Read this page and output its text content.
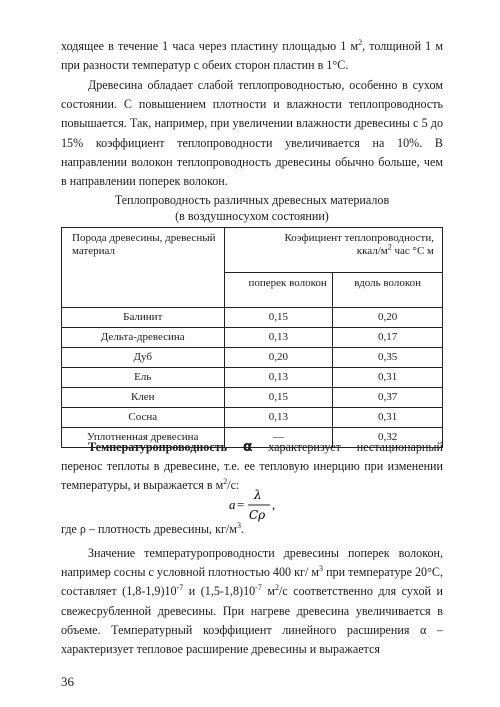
ходящее в течение 1 часа через пластину площадью 1 $м^2$, толщиной 1 м при разности температур с обеих сторон пластин в 1°С.

Древесина обладает слабой теплопроводностью, особенно в сухом состоянии. С повышением плотности и влажности теплопроводность повышается. Так, например, при увеличении влажности древесины с 5 до 15% коэффициент теплопроводности увеличивается на 10%. В направлении волокон теплопроводность древесины обычно больше, чем в направлении поперек волокон.

Теплопроводность различных древесных материалов
(в воздушносухом состоянии)
Порода древесины, древесный материал	Коэфициент теплопроводности,
ккал/$м^2$ час °С м	

	поперек волокон	вдоль волокон
Балинит	0,15	0,20
Дельта-древесина	0,13	0,17
Дуб	0,20	0,35
Ель	0,13	0,31
Клен	0,15	0,37
Сосна	0,13	0,31
Уплотненная древесина	—	0,32

Температуропроводность α характеризует нестационарный перенос теплоты в древесине, т.е. ее тепловую инерцию при изменении температуры, и выражается в $м^2/с$:

a =
λ
Cρ
,

где ρ – плотность древесины, $кг/м^3$.

Значение температуропроводности древесины поперек волокон, например сосны с условной плотностью 400 кг/ $м^3$ при температуре 20°С, составляет $(1,8-1,9)10^{-7}$ и $(1,5-1,8)10^{-7}$ $м^2/с$ соответственно для сухой и свежесрубленной древесины. При нагреве древесина увеличивается в объеме. Температурный коэффициент линейного расширения α – характеризует тепловое расширение древесины и выражается

36
